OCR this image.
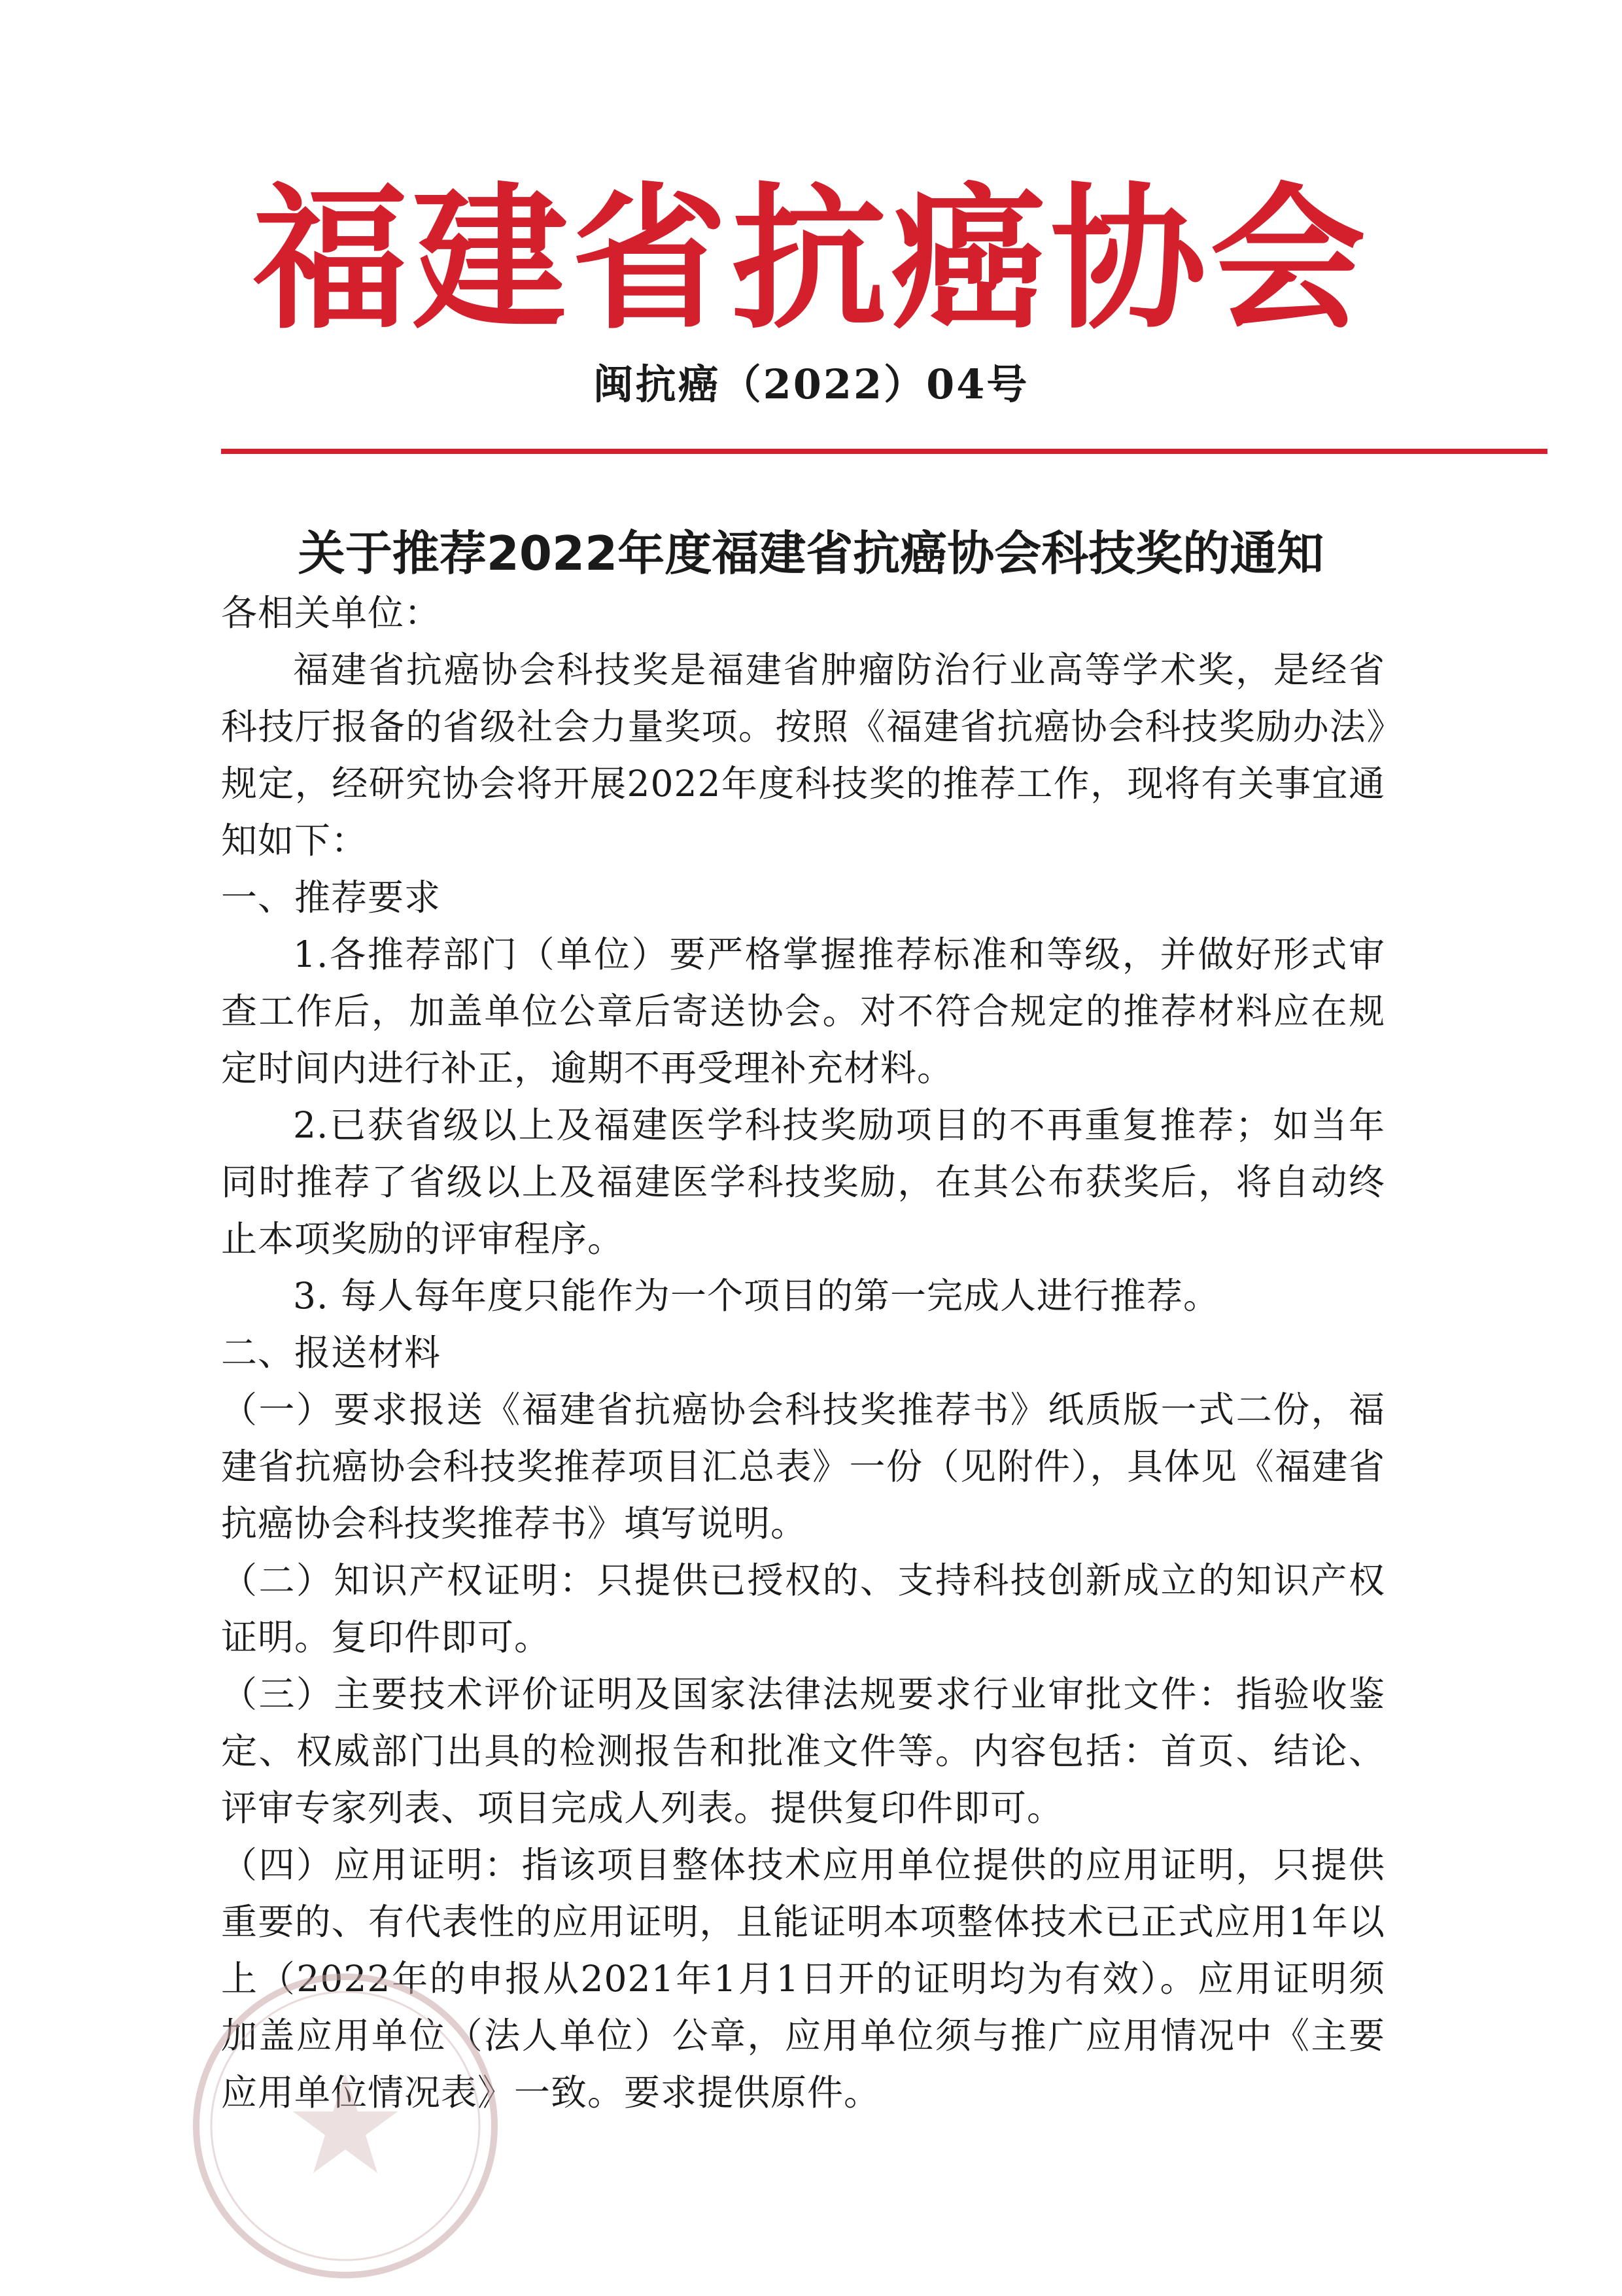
福建省抗癌协会
闽抗癌（2022）04号
关于推荐2022年度福建省抗癌协会科技奖的通知

各相关单位：

福建省抗癌协会科技奖是福建省肿瘤防治行业高等学术奖，是经省科技厅报备的省级社会力量奖项。按照《福建省抗癌协会科技奖励办法》规定，经研究协会将开展2022年度科技奖的推荐工作，现将有关事宜通知如下：

一、推荐要求

1.各推荐部门（单位）要严格掌握推荐标准和等级，并做好形式审查工作后，加盖单位公章后寄送协会。对不符合规定的推荐材料应在规定时间内进行补正，逾期不再受理补充材料。

2.已获省级以上及福建医学科技奖励项目的不再重复推荐；如当年同时推荐了省级以上及福建医学科技奖励，在其公布获奖后，将自动终止本项奖励的评审程序。

3. 每人每年度只能作为一个项目的第一完成人进行推荐。

二、报送材料

（一）要求报送《福建省抗癌协会科技奖推荐书》纸质版一式二份，福建省抗癌协会科技奖推荐项目汇总表》一份（见附件），具体见《福建省抗癌协会科技奖推荐书》填写说明。

（二）知识产权证明：只提供已授权的、支持科技创新成立的知识产权证明。复印件即可。

（三）主要技术评价证明及国家法律法规要求行业审批文件：指验收鉴定、权威部门出具的检测报告和批准文件等。内容包括：首页、结论、评审专家列表、项目完成人列表。提供复印件即可。

（四）应用证明：指该项目整体技术应用单位提供的应用证明，只提供重要的、有代表性的应用证明，且能证明本项整体技术已正式应用1年以上（2022年的申报从2021年1月1日开的证明均为有效）。应用证明须加盖应用单位（法人单位）公章，应用单位须与推广应用情况中《主要应用单位情况表》一致。要求提供原件。
